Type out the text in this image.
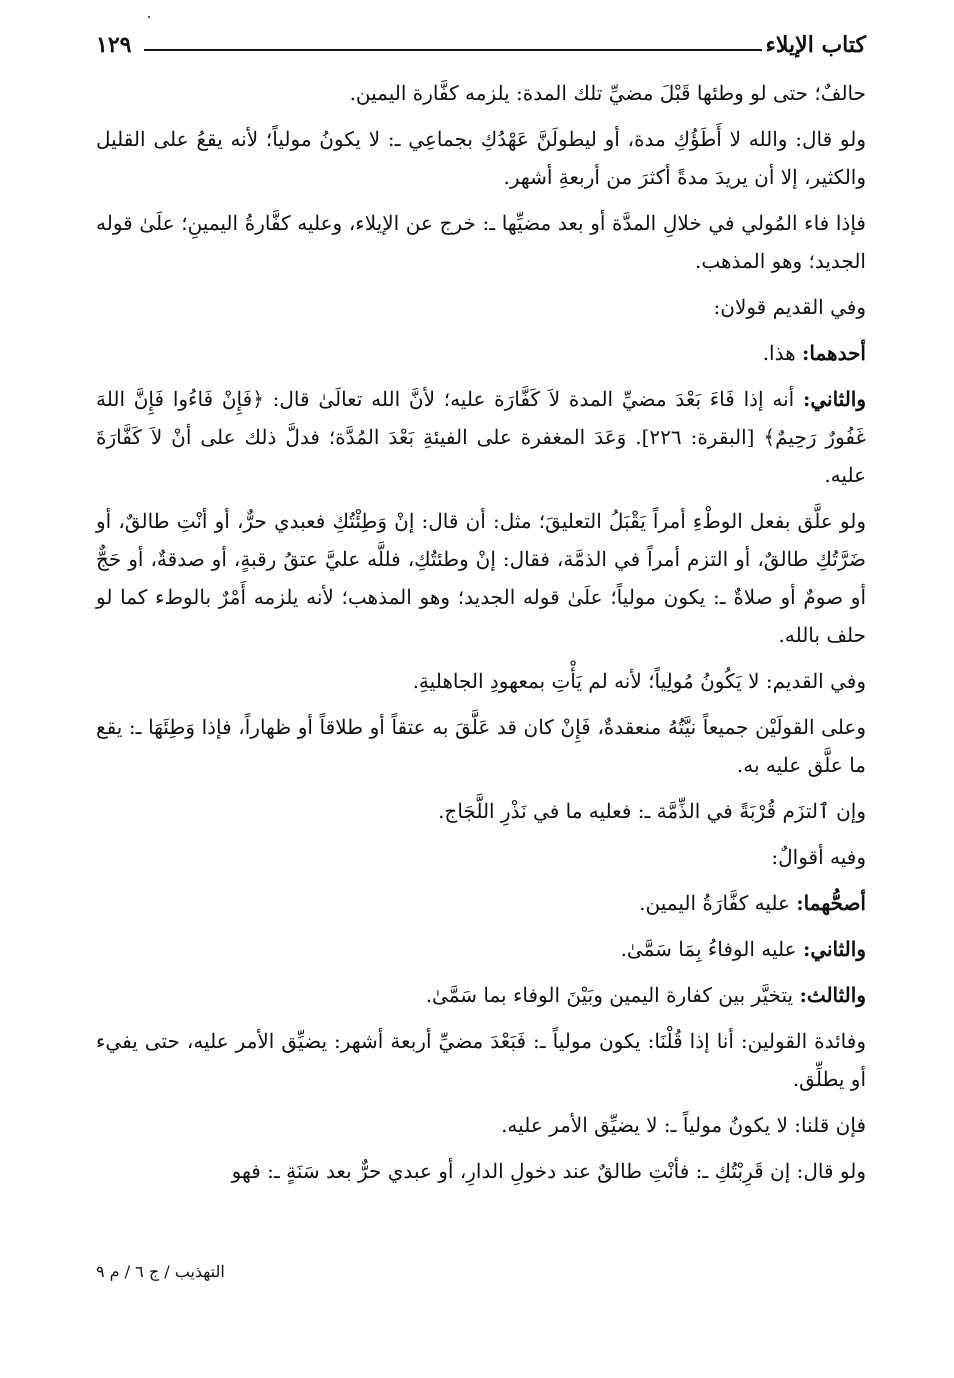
كتاب الإيلاء
١٢٩

حالفٌ؛ حتى لو وطئها قَبْلَ مضيِّ تلك المدة: يلزمه كفَّارة اليمين.

ولو قال: والله لا أَطَؤُكِ مدة، أو ليطولَنَّ عَهْدُكِ بجماعِي ـ: لا يكونُ مولياً؛ لأنه يقعُ على القليل والكثير، إلا أن يريدَ مدةً أكثرَ من أربعةِ أشهر.

فإذا فاء المُولي في خلالِ المدَّة أو بعد مضيِّها ـ: خرج عن الإيلاء، وعليه كفَّارةُ اليمينِ؛ علَىٰ قوله الجديد؛ وهو المذهب.

وفي القديم قولان:

أحدهما: هذا.

والثاني: أنه إذا فَاءَ بَعْدَ مضيِّ المدة لاَ كَفَّارَة عليه؛ لأنَّ الله تعالَىٰ قال: ﴿فَإِنْ فَاءُوا فَإِنَّ اللهَ غَفُورٌ رَحِيمٌ﴾ [البقرة: ٢٢٦]. وَعَدَ المغفرة على الفيئةِ بَعْدَ المُدَّة؛ فدلَّ ذلك على أنْ لاَ كَفَّارَةَ عليه.

ولو علَّق بفعل الوطْءِ أمراً يَقْبَلُ التعليقَ؛ مثل: أن قال: إنْ وَطِئْتُكِ فعبدي حرٌّ، أو أنْتِ طالقٌ، أو ضَرَّتُكِ طالقٌ، أو التزم أمراً في الذمَّة، فقال: إنْ وطئتُكِ، فللَّه عليَّ عتقُ رقبةٍ، أو صدقةٌ، أو حَجٌّ أو صومٌ أو صلاةٌ ـ: يكون مولياً؛ علَىٰ قوله الجديد؛ وهو المذهب؛ لأنه يلزمه أَمْرٌ بالوطء كما لو حلف بالله.

وفي القديم: لا يَكُونُ مُولِياً؛ لأنه لم يَأْتِ بمعهودِ الجاهليةِ.

وعلى القولَيْن جميعاً نيَّتُهُ منعقدةٌ، فَإِنْ كان قد عَلَّقَ به عتقاً أو طلاقاً أو ظهاراً، فإذا وَطِئَهَا ـ: يقع ما علَّق عليه به.

وإن ٱلتزَم قُرْبَةً في الذِّمَّة ـ: فعليه ما في نَذْرِ اللَّجَاج.

وفيه أقوالٌ:

أصحُّهما: عليه كفَّارَةُ اليمين.

والثاني: عليه الوفاءُ بِمَا سَمَّىٰ.

والثالث: يتخيَّر بين كفارة اليمين وبَيْنَ الوفاء بما سَمَّىٰ.

وفائدة القولين: أنا إذا قُلْنَا: يكون مولياً ـ: فَبَعْدَ مضيِّ أربعة أشهر: يضيِّق الأمر عليه، حتى يفيء أو يطلِّق.

فإن قلنا: لا يكونُ مولياً ـ: لا يضيِّق الأمر عليه.

ولو قال: إن قَرِبْتُكِ ـ: فأنْتِ طالقٌ عند دخولِ الدارِ، أو عبدي حرٌّ بعد سَنَةٍ ـ: فهو

التهذيب / ج ٦ / م ٩
